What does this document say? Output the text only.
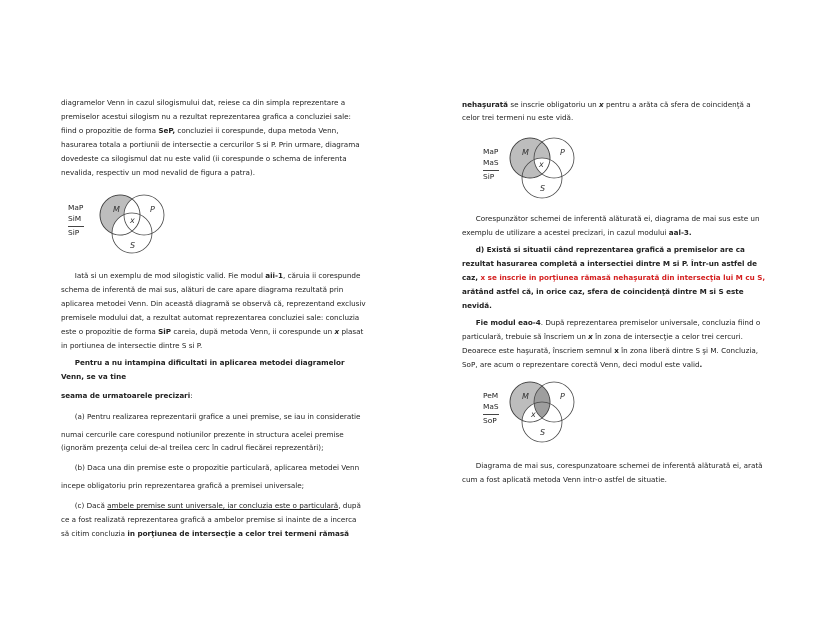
diagramelor Venn in cazul silogismului dat, reiese ca din simpla reprezentare a

premiselor acestui silogism nu a rezultat reprezentarea grafica a concluziei sale:

fiind o propozitie de forma SeP, concluziei ii corespunde, dupa metoda Venn,

hasurarea totala a portiunii de intersectie a cercurilor S si P. Prin urmare, diagrama

dovedeste ca silogismul dat nu este valid (ii corespunde o schema de inferenta

nevalida, respectiv un mod nevalid de figura a patra).

MaP
SiM
SiP
M	P
S
x

Iată si un exemplu de mod silogistic valid. Fie modul aii-1, căruia ii corespunde

schema de inferentă de mai sus, alături de care apare diagrama rezultată prin

aplicarea metodei Venn. Din această diagramă se observă că, reprezentand exclusiv

premisele modului dat, a rezultat automat reprezentarea concluziei sale: concluzia

este o propozitie de forma SiP careia, după metoda Venn, ii corespunde un x plasat

in portiunea de intersectie dintre S si P.

Pentru a nu intampina dificultati in aplicarea metodei diagramelor

Venn, se va tine

seama de urmatoarele precizari:

(a) Pentru realizarea reprezentarii grafice a unei premise, se iau in consideratie

numai cercurile care corespund notiunilor prezente in structura acelei premise

(ignorăm prezenţa celui de-al treilea cerc în cadrul fiecărei reprezentări);

(b) Daca una din premise este o propozitie particulară, aplicarea metodei Venn

incepe obligatoriu prin reprezentarea grafică a premisei universale;

(c) Dacă ambele premise sunt universale, iar concluzia este o particulară, după

ce a fost realizată reprezentarea grafică a ambelor premise si inainte de a incerca

să citim concluzia in porţiunea de intersecţie a celor trei termeni rămasă

nehaşurată se inscrie obligatoriu un x pentru a arăta că sfera de coincidenţă a

celor trei termeni nu este vidă.

MaP
MaS
SiP
M	P
S
x

Corespunzător schemei de inferentă alăturată ei, diagrama de mai sus este un

exemplu de utilizare a acestei precizari, in cazul modului aal-3.

d) Există si situatii când reprezentarea grafică a premiselor are ca

rezultat hasurarea completă a intersectiei dintre M si P. Într-un astfel de

caz, x se inscrie in porţiunea rămasă nehaşurată din intersecţia lui M cu S,

arătând astfel că, in orice caz, sfera de coincidenţă dintre M si S este

nevidă.

Fie modul eao-4. După reprezentarea premiselor universale, concluzia fiind o

particulară, trebuie să înscriem un x în zona de intersecţie a celor trei cercuri.

Deoarece este haşurată, înscriem semnul x în zona liberă dintre S şi M. Concluzia,

SoP, are acum o reprezentare corectă Venn, deci modul este valid.

PeM
MaS
SoP
M	P
S
x

Diagrama de mai sus, corespunzatoare schemei de inferentă alăturată ei, arată

cum a fost aplicată metoda Venn intr-o astfel de situatie.
